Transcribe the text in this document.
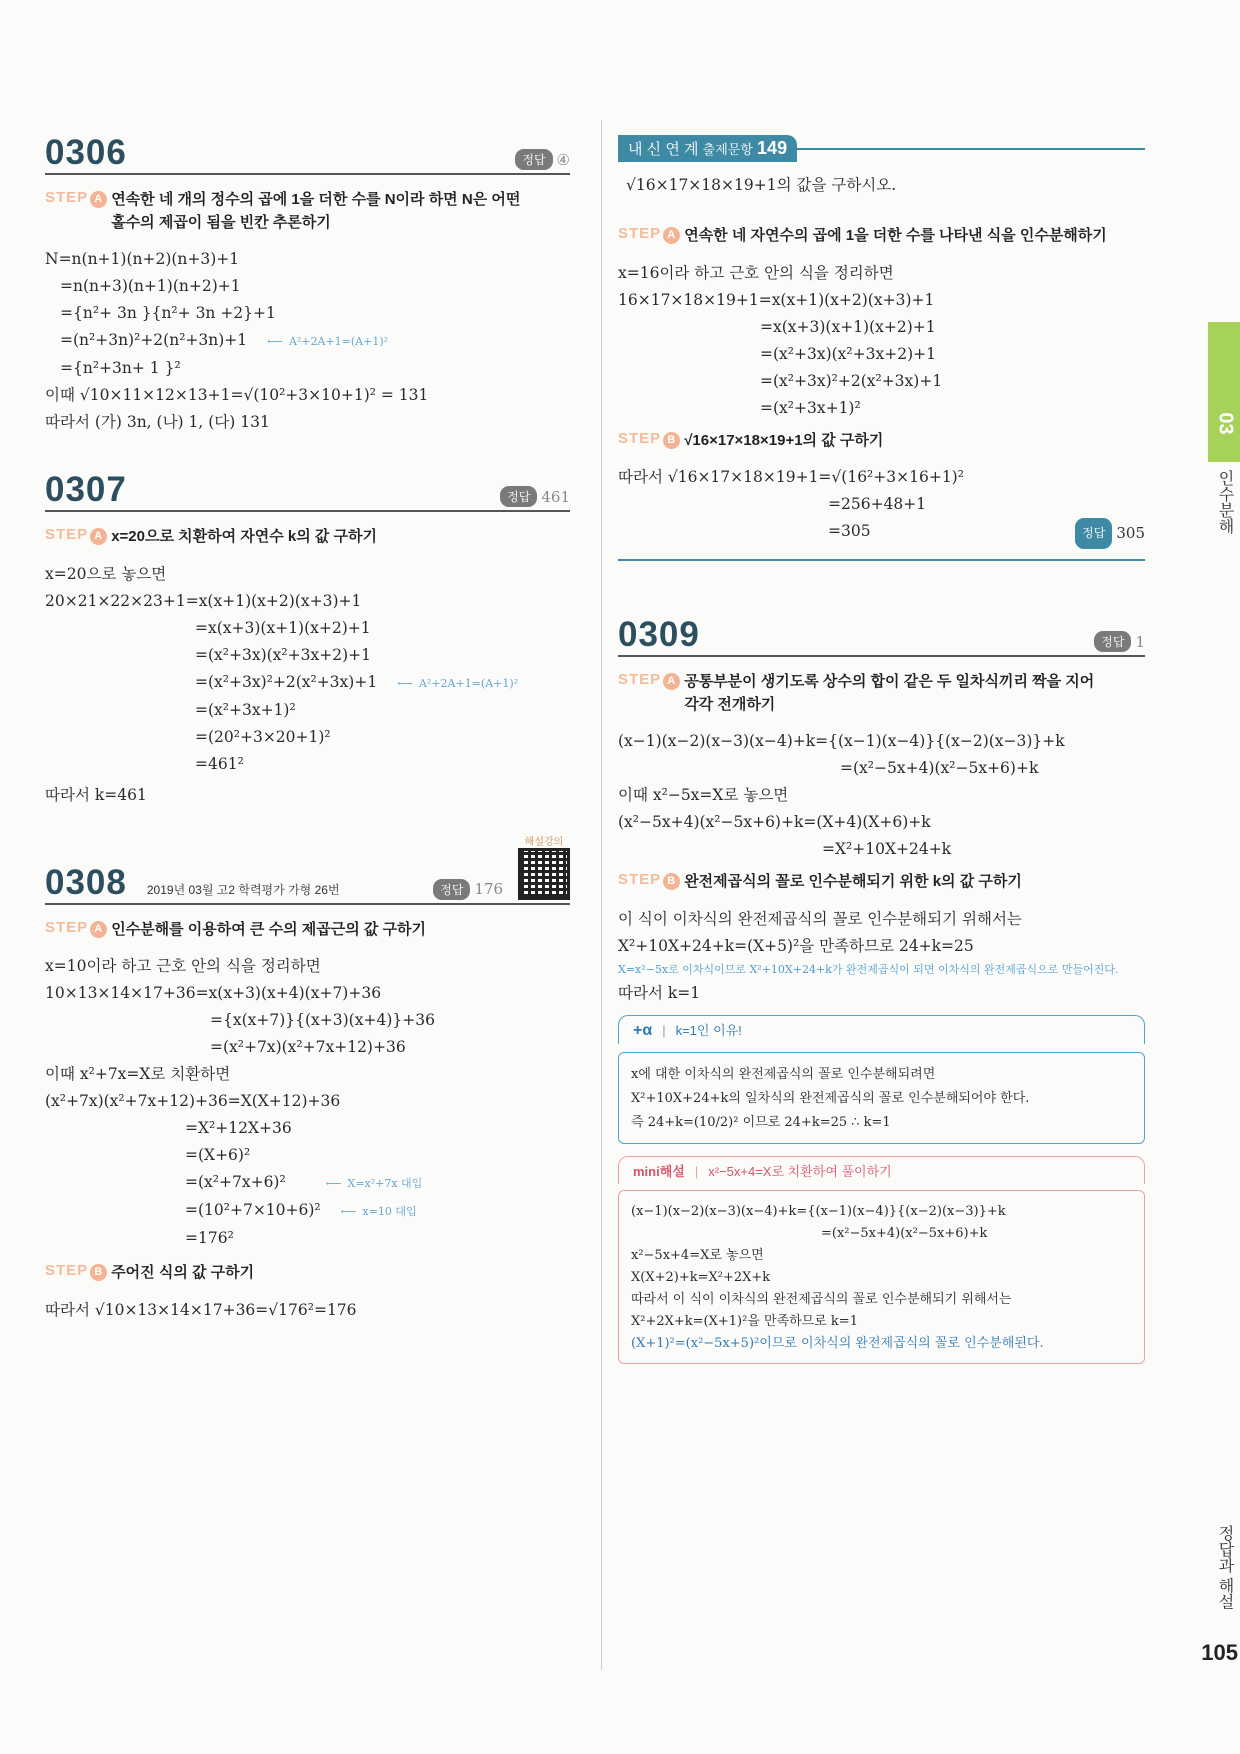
0306	정답 ④
STEP A 연속한 네 개의 정수의 곱에 1을 더한 수를 N이라 하면 N은 어떤
홀수의 제곱이 됨을 빈칸 추론하기
N=n(n+1)(n+2)(n+3)+1
=n(n+3)(n+1)(n+2)+1
={n²+ 3n }{n²+ 3n +2}+1
=(n²+3n)²+2(n²+3n)+1 ⟵ A²+2A+1=(A+1)²
={n²+3n+ 1 }²
이때 √10×11×12×13+1=√(10²+3×10+1)² = 131
따라서 (가) 3n, (나) 1, (다) 131
0307	정답 461
STEP A x=20으로 치환하여 자연수 k의 값 구하기
x=20으로 놓으면
20×21×22×23+1=x(x+1)(x+2)(x+3)+1
=x(x+3)(x+1)(x+2)+1
=(x²+3x)(x²+3x+2)+1
=(x²+3x)²+2(x²+3x)+1 ⟵ A²+2A+1=(A+1)²
=(x²+3x+1)²
=(20²+3×20+1)²
=461²
따라서 k=461
0308 2019년 03월 고2 학력평가 가형 26번	정답 176
해설강의
STEP A 인수분해를 이용하여 큰 수의 제곱근의 값 구하기
x=10이라 하고 근호 안의 식을 정리하면
10×13×14×17+36=x(x+3)(x+4)(x+7)+36
={x(x+7)}{(x+3)(x+4)}+36
=(x²+7x)(x²+7x+12)+36
이때 x²+7x=X로 치환하면
(x²+7x)(x²+7x+12)+36=X(X+12)+36
=X²+12X+36
=(X+6)²
=(x²+7x+6)²	⟵ X=x²+7x 대입
=(10²+7×10+6)² ⟵ x=10 대입
=176²
STEP B 주어진 식의 값 구하기
따라서 √10×13×14×17+36=√176²=176
내 신 연 계 출제문항 149
√16×17×18×19+1의 값을 구하시오.
STEP A 연속한 네 자연수의 곱에 1을 더한 수를 나타낸 식을 인수분해하기
x=16이라 하고 근호 안의 식을 정리하면
16×17×18×19+1=x(x+1)(x+2)(x+3)+1
=x(x+3)(x+1)(x+2)+1
=(x²+3x)(x²+3x+2)+1
=(x²+3x)²+2(x²+3x)+1
=(x²+3x+1)²
STEP B √16×17×18×19+1의 값 구하기
따라서 √16×17×18×19+1=√(16²+3×16+1)²
=256+48+1
=305	정답 305
0309	정답 1
STEP A 공통부분이 생기도록 상수의 합이 같은 두 일차식끼리 짝을 지어
각각 전개하기
(x−1)(x−2)(x−3)(x−4)+k={(x−1)(x−4)}{(x−2)(x−3)}+k
=(x²−5x+4)(x²−5x+6)+k
이때 x²−5x=X로 놓으면
(x²−5x+4)(x²−5x+6)+k=(X+4)(X+6)+k
=X²+10X+24+k
STEP B 완전제곱식의 꼴로 인수분해되기 위한 k의 값 구하기
이 식이 이차식의 완전제곱식의 꼴로 인수분해되기 위해서는
X²+10X+24+k=(X+5)²을 만족하므로 24+k=25
X=x²−5x로 이차식이므로 X²+10X+24+k가 완전제곱식이 되면 이차식의 완전제곱식으로 만들어진다.
따라서 k=1
+α | k=1인 이유!
x에 대한 이차식의 완전제곱식의 꼴로 인수분해되려면
X²+10X+24+k의 일차식의 완전제곱식의 꼴로 인수분해되어야 한다.
즉 24+k=(10/2)² 이므로 24+k=25 ∴ k=1
mini해설 | x²−5x+4=X로 치환하여 풀이하기
(x−1)(x−2)(x−3)(x−4)+k={(x−1)(x−4)}{(x−2)(x−3)}+k
=(x²−5x+4)(x²−5x+6)+k
x²−5x+4=X로 놓으면
X(X+2)+k=X²+2X+k
따라서 이 식이 이차식의 완전제곱식의 꼴로 인수분해되기 위해서는
X²+2X+k=(X+1)²을 만족하므로 k=1
(X+1)²=(x²−5x+5)²이므로 이차식의 완전제곱식의 꼴로 인수분해된다.
03
인수분해
정답과 해설
105
